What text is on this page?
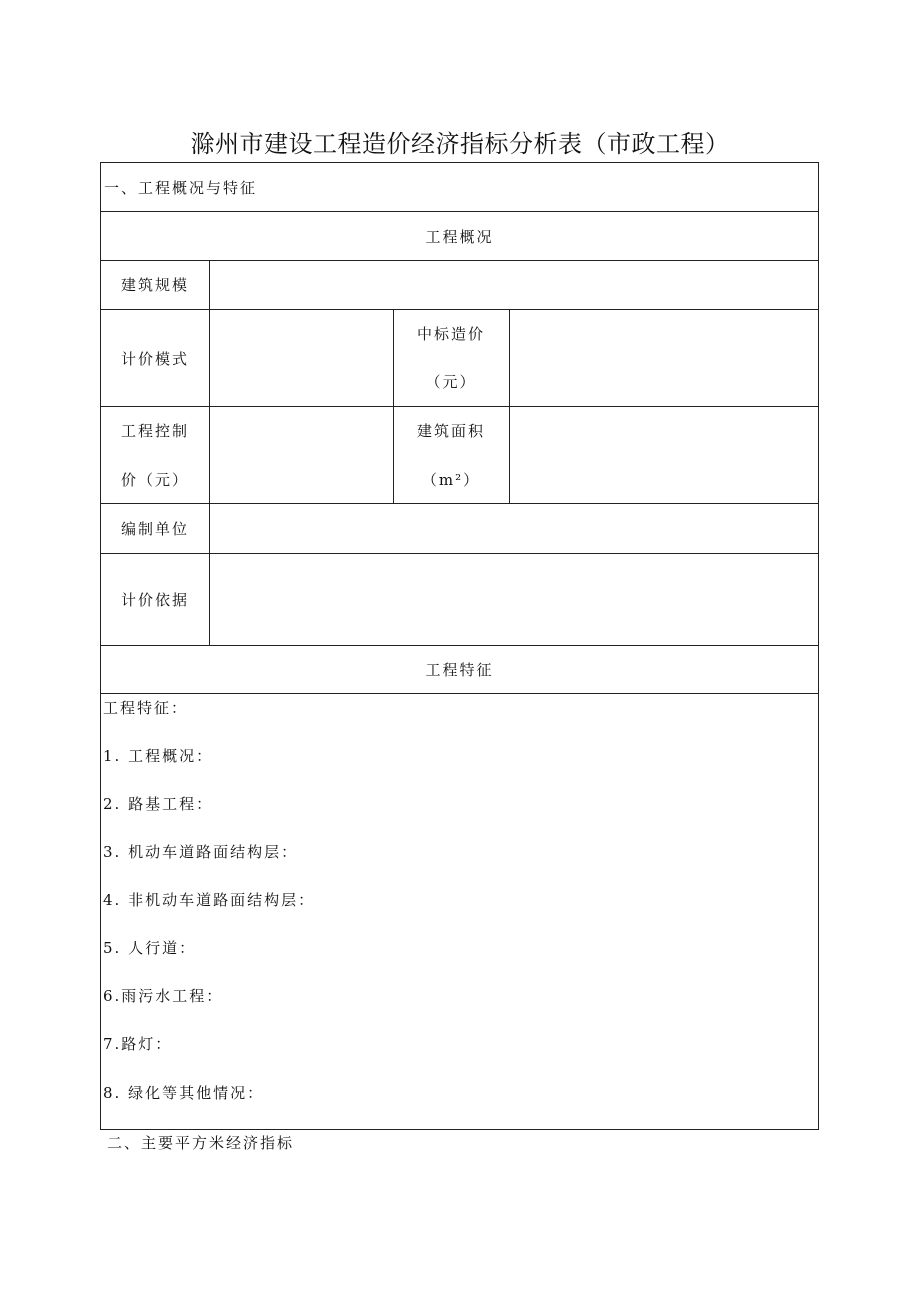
滁州市建设工程造价经济指标分析表（市政工程）
一、工程概况与特征
工程概况
建筑规模
计价模式
中标造价
（元）
工程控制
价（元）
建筑面积
（m²）
编制单位
计价依据
工程特征
工程特征：
1. 工程概况：
2. 路基工程：
3. 机动车道路面结构层：
4. 非机动车道路面结构层：
5. 人行道：
6.雨污水工程：
7.路灯：
8. 绿化等其他情况：
二、主要平方米经济指标
